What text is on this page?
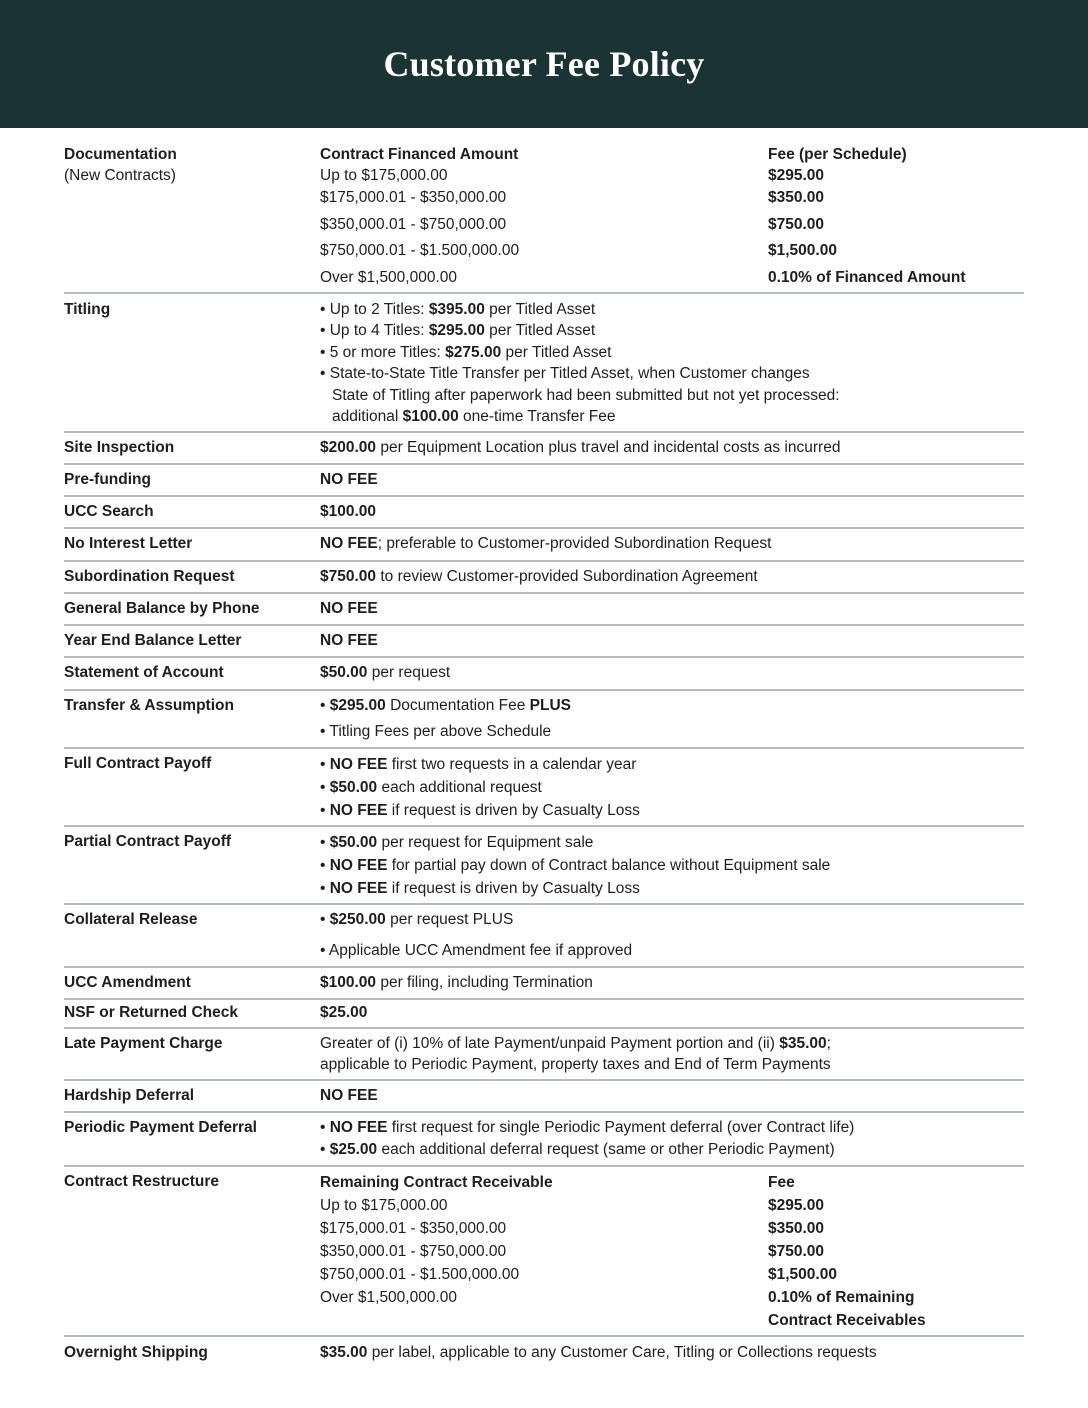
Customer Fee Policy
Documentation
(New Contracts)
Contract Financed Amount	Fee (per Schedule)
Up to $175,000.00	$295.00
$175,000.01 - $350,000.00	$350.00
$350,000.01 - $750,000.00	$750.00
$750,000.01 - $1.500,000.00	$1,500.00
Over $1,500,000.00	0.10% of Financed Amount
Titling	• Up to 2 Titles: $395.00 per Titled Asset
• Up to 4 Titles: $295.00 per Titled Asset
• 5 or more Titles: $275.00 per Titled Asset
• State-to-State Title Transfer per Titled Asset, when Customer changes
State of Titling after paperwork had been submitted but not yet processed:
additional $100.00 one-time Transfer Fee
Site Inspection	$200.00 per Equipment Location plus travel and incidental costs as incurred
Pre-funding	NO FEE
UCC Search	$100.00
No Interest Letter	NO FEE; preferable to Customer-provided Subordination Request
Subordination Request	$750.00 to review Customer-provided Subordination Agreement
General Balance by Phone	NO FEE
Year End Balance Letter	NO FEE
Statement of Account	$50.00 per request
Transfer & Assumption	• $295.00 Documentation Fee PLUS
• Titling Fees per above Schedule
Full Contract Payoff	• NO FEE first two requests in a calendar year
• $50.00 each additional request
• NO FEE if request is driven by Casualty Loss
Partial Contract Payoff	• $50.00 per request for Equipment sale
• NO FEE for partial pay down of Contract balance without Equipment sale
• NO FEE if request is driven by Casualty Loss
Collateral Release	• $250.00 per request PLUS
• Applicable UCC Amendment fee if approved
UCC Amendment	$100.00 per filing, including Termination
NSF or Returned Check	$25.00
Late Payment Charge	Greater of (i) 10% of late Payment/unpaid Payment portion and (ii) $35.00;
applicable to Periodic Payment, property taxes and End of Term Payments
Hardship Deferral	NO FEE
Periodic Payment Deferral	• NO FEE first request for single Periodic Payment deferral (over Contract life)
• $25.00 each additional deferral request (same or other Periodic Payment)
Contract Restructure	Remaining Contract Receivable	Fee
Up to $175,000.00	$295.00
$175,000.01 - $350,000.00	$350.00
$350,000.01 - $750,000.00	$750.00
$750,000.01 - $1.500,000.00	$1,500.00
Over $1,500,000.00	0.10% of Remaining
Contract Receivables
Overnight Shipping	$35.00 per label, applicable to any Customer Care, Titling or Collections requests
